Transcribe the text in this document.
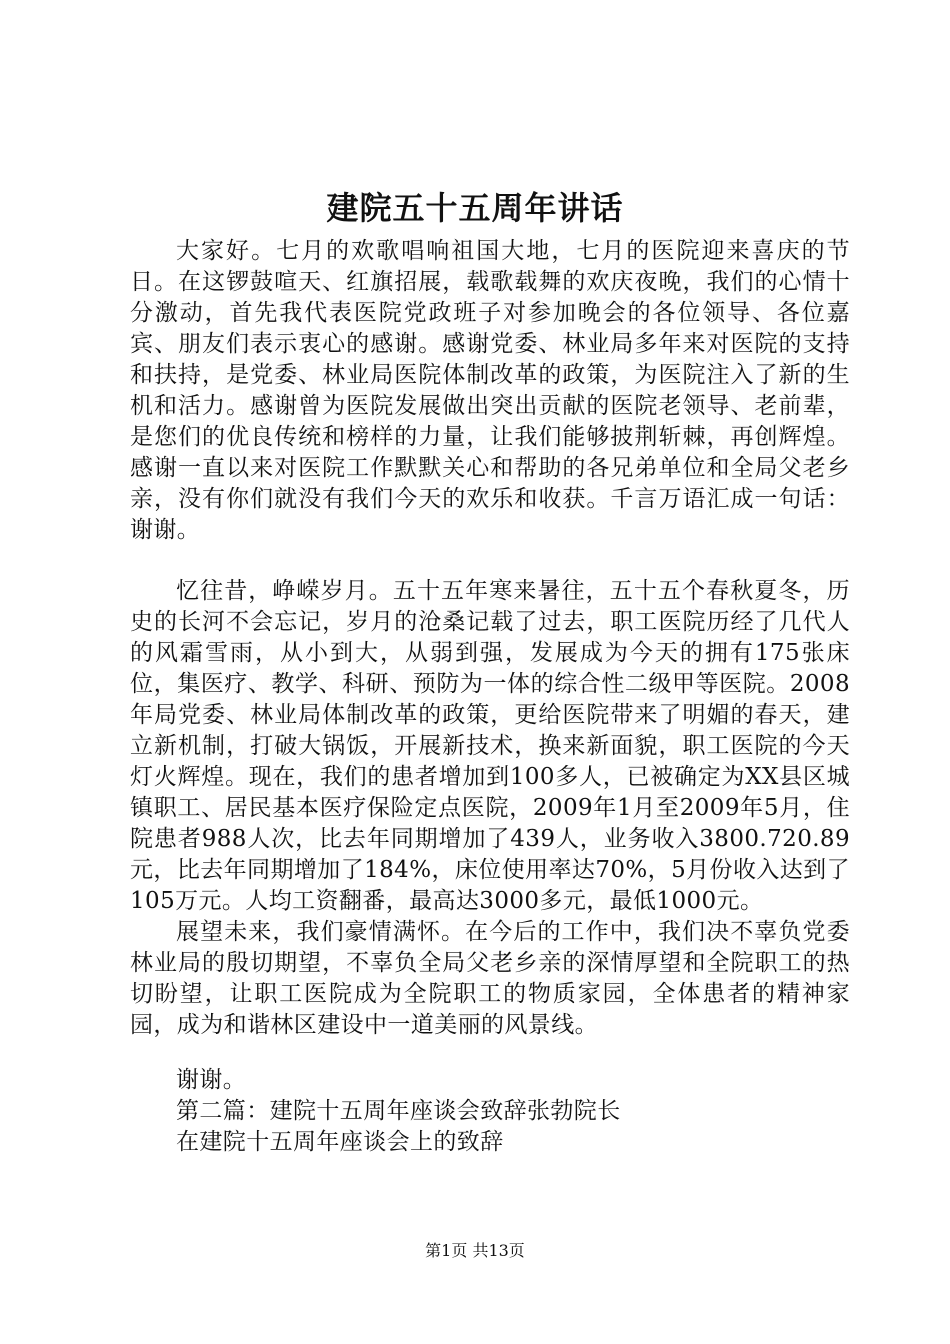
建院五十五周年讲话

大家好。七月的欢歌唱响祖国大地，七月的医院迎来喜庆的节日。在这锣鼓喧天、红旗招展，载歌载舞的欢庆夜晚，我们的心情十分激动，首先我代表医院党政班子对参加晚会的各位领导、各位嘉宾、朋友们表示衷心的感谢。感谢党委、林业局多年来对医院的支持和扶持，是党委、林业局医院体制改革的政策，为医院注入了新的生机和活力。感谢曾为医院发展做出突出贡献的医院老领导、老前辈，是您们的优良传统和榜样的力量，让我们能够披荆斩棘，再创辉煌。感谢一直以来对医院工作默默关心和帮助的各兄弟单位和全局父老乡亲，没有你们就没有我们今天的欢乐和收获。千言万语汇成一句话：谢谢。

忆往昔，峥嵘岁月。五十五年寒来暑往，五十五个春秋夏冬，历史的长河不会忘记，岁月的沧桑记载了过去，职工医院历经了几代人的风霜雪雨，从小到大，从弱到强，发展成为今天的拥有175张床位，集医疗、教学、科研、预防为一体的综合性二级甲等医院。2008年局党委、林业局体制改革的政策，更给医院带来了明媚的春天，建立新机制，打破大锅饭，开展新技术，换来新面貌，职工医院的今天灯火辉煌。现在，我们的患者增加到100多人，已被确定为XX县区城镇职工、居民基本医疗保险定点医院，2009年1月至2009年5月，住院患者988人次，比去年同期增加了439人，业务收入3800.720.89元，比去年同期增加了184%，床位使用率达70%，5月份收入达到了105万元。人均工资翻番，最高达3000多元，最低1000元。

展望未来，我们豪情满怀。在今后的工作中，我们决不辜负党委林业局的殷切期望，不辜负全局父老乡亲的深情厚望和全院职工的热切盼望，让职工医院成为全院职工的物质家园，全体患者的精神家园，成为和谐林区建设中一道美丽的风景线。

谢谢。

第二篇：建院十五周年座谈会致辞张勃院长

在建院十五周年座谈会上的致辞

第1页 共13页
